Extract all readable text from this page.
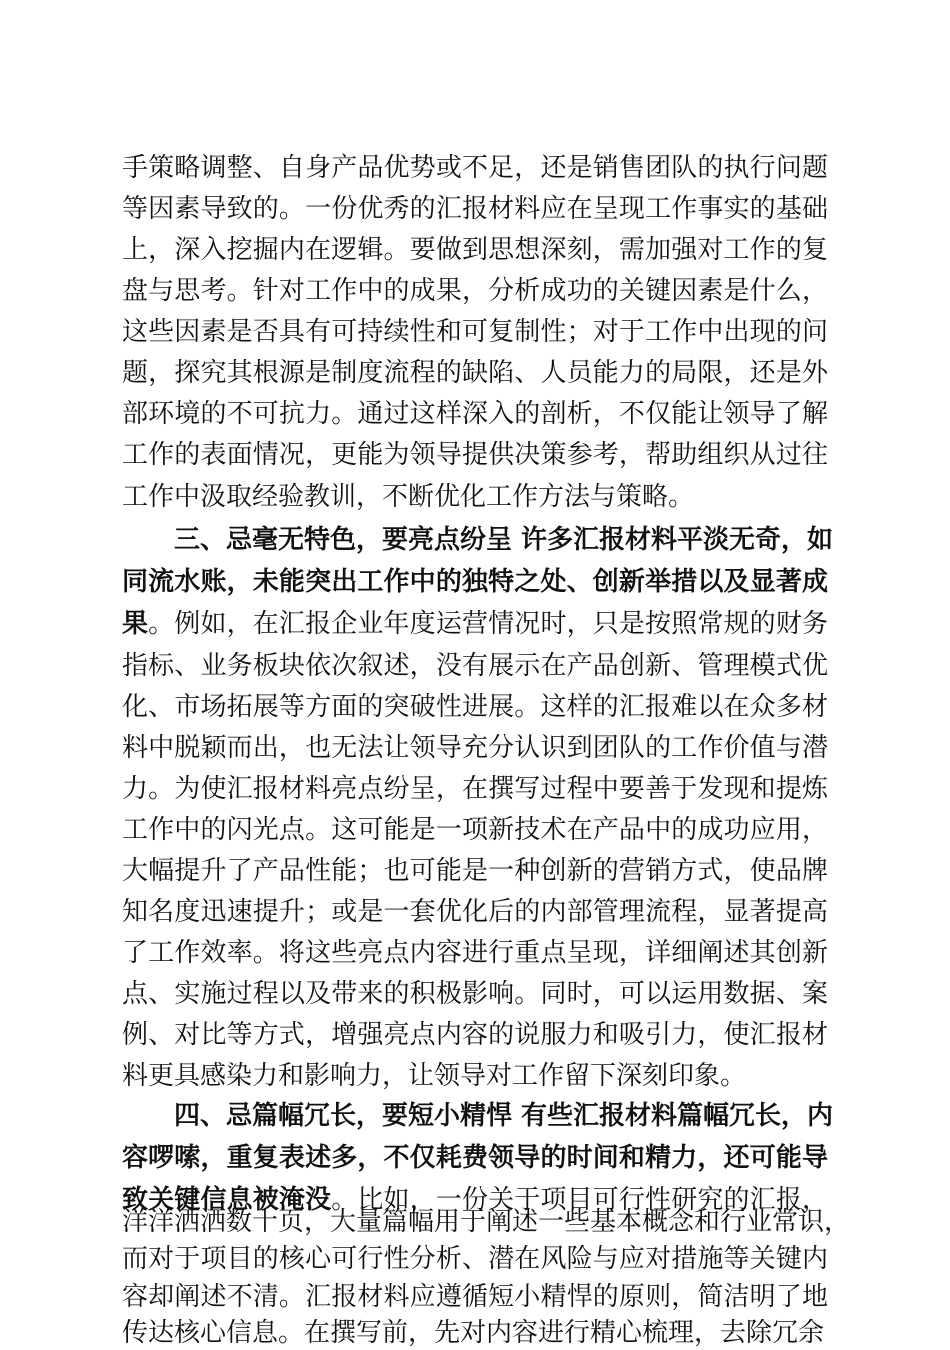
手策略调整、自身产品优势或不足，还是销售团队的执行问题
等因素导致的。一份优秀的汇报材料应在呈现工作事实的基础
上，深入挖掘内在逻辑。要做到思想深刻，需加强对工作的复
盘与思考。针对工作中的成果，分析成功的关键因素是什么，
这些因素是否具有可持续性和可复制性；对于工作中出现的问
题，探究其根源是制度流程的缺陷、人员能力的局限，还是外
部环境的不可抗力。通过这样深入的剖析，不仅能让领导了解
工作的表面情况，更能为领导提供决策参考，帮助组织从过往
工作中汲取经验教训，不断优化工作方法与策略。
三、忌毫无特色，要亮点纷呈 许多汇报材料平淡无奇，如
同流水账，未能突出工作中的独特之处、创新举措以及显著成
果。例如，在汇报企业年度运营情况时，只是按照常规的财务
指标、业务板块依次叙述，没有展示在产品创新、管理模式优
化、市场拓展等方面的突破性进展。这样的汇报难以在众多材
料中脱颖而出，也无法让领导充分认识到团队的工作价值与潜
力。为使汇报材料亮点纷呈，在撰写过程中要善于发现和提炼
工作中的闪光点。这可能是一项新技术在产品中的成功应用，
大幅提升了产品性能；也可能是一种创新的营销方式，使品牌
知名度迅速提升；或是一套优化后的内部管理流程，显著提高
了工作效率。将这些亮点内容进行重点呈现，详细阐述其创新
点、实施过程以及带来的积极影响。同时，可以运用数据、案
例、对比等方式，增强亮点内容的说服力和吸引力，使汇报材
料更具感染力和影响力，让领导对工作留下深刻印象。
四、忌篇幅冗长，要短小精悍 有些汇报材料篇幅冗长，内
容啰嗦，重复表述多，不仅耗费领导的时间和精力，还可能导
致关键信息被淹没。比如，一份关于项目可行性研究的汇报，
洋洋洒洒数十页，大量篇幅用于阐述一些基本概念和行业常识，
而对于项目的核心可行性分析、潜在风险与应对措施等关键内
容却阐述不清。汇报材料应遵循短小精悍的原则，简洁明了地
传达核心信息。在撰写前，先对内容进行精心梳理，去除冗余
